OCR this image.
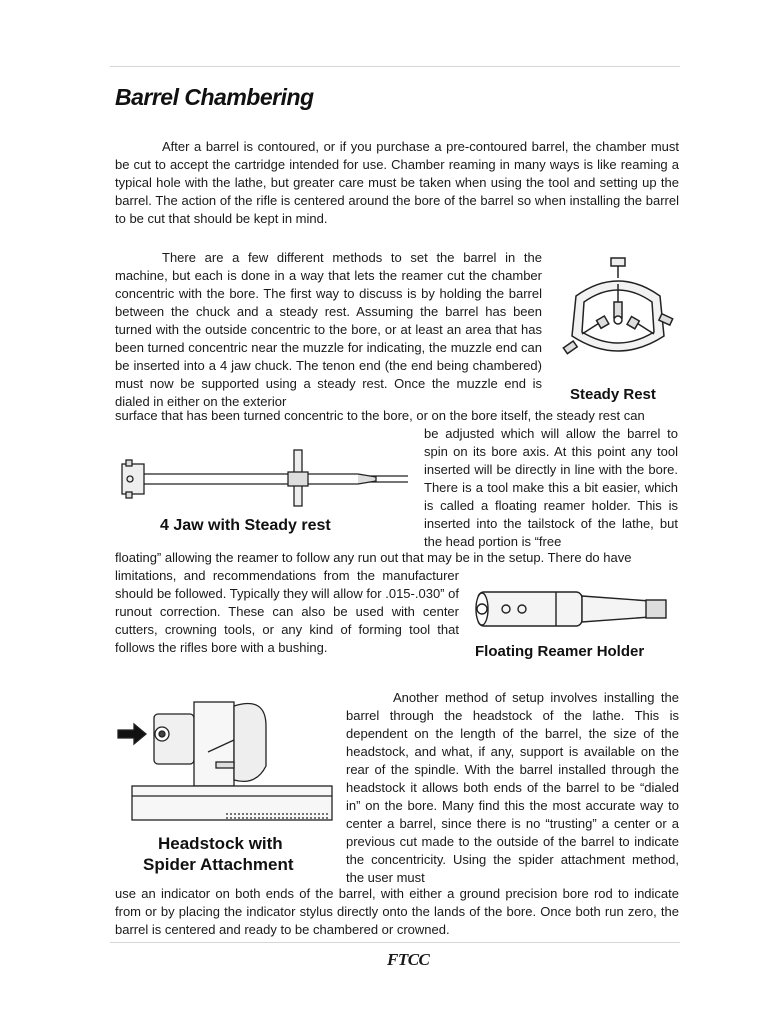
Barrel Chambering

After a barrel is contoured, or if you purchase a pre-contoured barrel, the chamber must be cut to accept the cartridge intended for use. Chamber reaming in many ways is like reaming a typical hole with the lathe, but greater care must be taken when using the tool and setting up the barrel. The action of the rifle is centered around the bore of the barrel so when installing the barrel to be cut that should be kept in mind.

There are a few different methods to set the barrel in the machine, but each is done in a way that lets the reamer cut the chamber concentric with the bore. The first way to discuss is by holding the barrel between the chuck and a steady rest. Assuming the barrel has been turned with the outside concentric to the bore, or at least an area that has been turned concentric near the muzzle for indicating, the muzzle end can be inserted into a 4 jaw chuck. The tenon end (the end being chambered) must now be supported using a steady rest. Once the muzzle end is dialed in either on the exterior	Steady Rest

surface that has been turned concentric to the bore, or on the bore itself, the steady rest can

be adjusted which will allow the barrel to spin on its bore axis. At this point any tool inserted will be directly in line with the bore. There is a tool make this a bit easier, which is called a floating reamer holder. This is inserted into the tailstock of the lathe, but the head portion is “free

4 Jaw with Steady rest

floating” allowing the reamer to follow any run out that may be in the setup. There do have

limitations, and recommendations from the manufacturer should be followed. Typically they will allow for .015-.030” of runout correction. These can also be used with center cutters, crowning tools, or any kind of forming tool that follows the rifles bore with a bushing.	Floating Reamer Holder
Headstock with
Spider Attachment

Another method of setup involves installing the barrel through the headstock of the lathe. This is dependent on the length of the barrel, the size of the headstock, and what, if any, support is available on the rear of the spindle. With the barrel installed through the headstock it allows both ends of the barrel to be “dialed in” on the bore. Many find this the most accurate way to center a barrel, since there is no “trusting” a center or a previous cut made to the outside of the barrel to indicate the concentricity. Using the spider attachment method, the user must

use an indicator on both ends of the barrel, with either a ground precision bore rod to indicate from or by placing the indicator stylus directly onto the lands of the bore. Once both run zero, the barrel is centered and ready to be chambered or crowned.

FTCC
